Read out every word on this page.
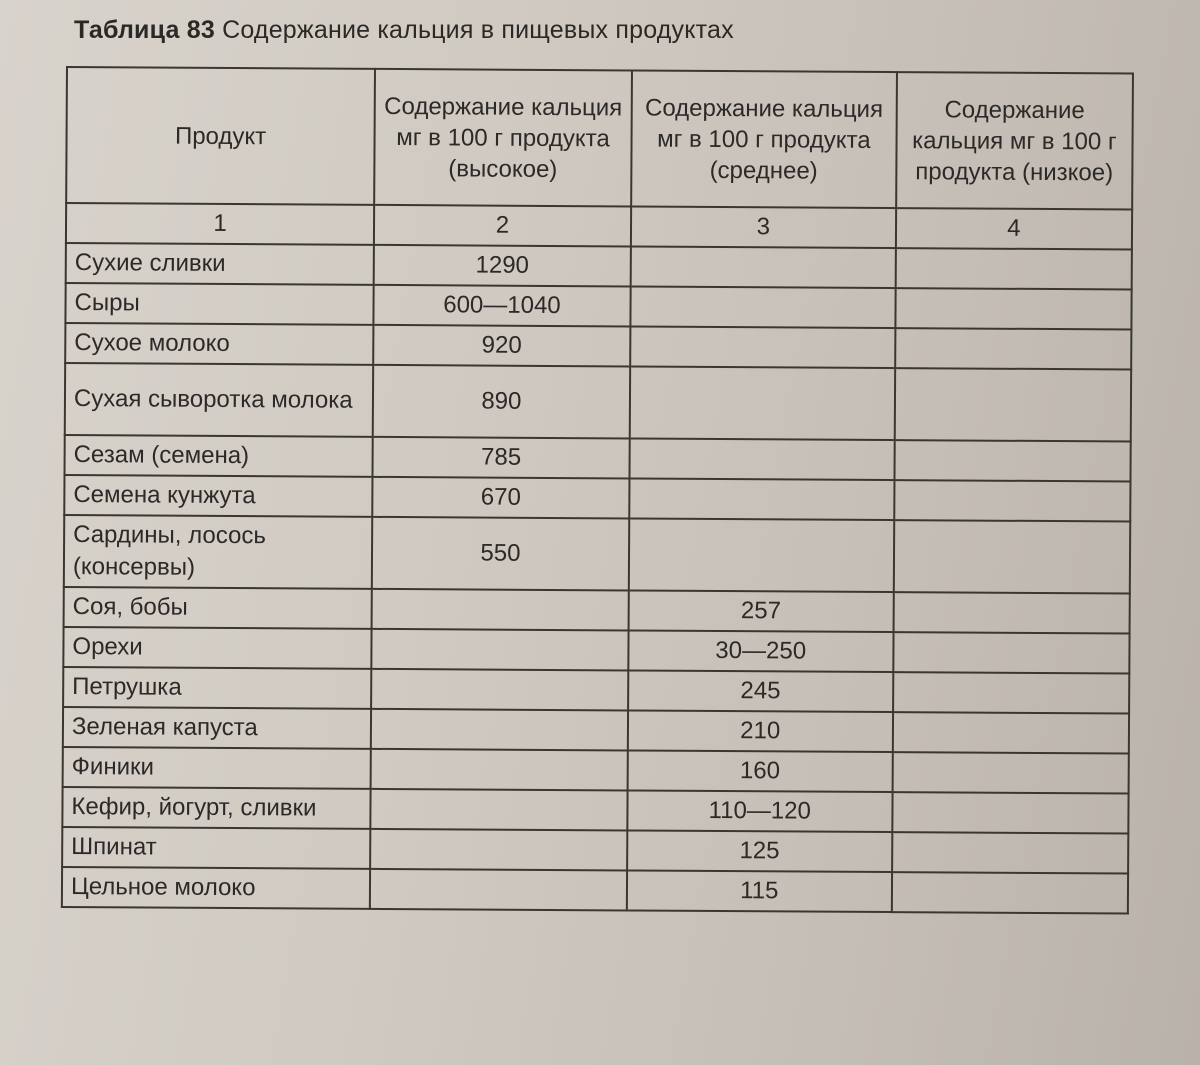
Таблица 83 Содержание кальция в пищевых продуктах
Продукт	Содержание кальция мг в 100 г продукта (высокое)	Содержание кальция мг в 100 г продукта (среднее)	Содержание кальция мг в 100 г продукта (низкое)
1	2	3	4
Сухие сливки	1290		
Сыры	600—1040		
Сухое молоко	920		
Сухая сыворотка молока	890		
Сезам (семена)	785		
Семена кунжута	670		
Сардины, лосось (консервы)	550		
Соя, бобы		257	
Орехи		30—250	
Петрушка		245	
Зеленая капуста		210	
Финики		160	
Кефир, йогурт, сливки		110—120	
Шпинат		125	
Цельное молоко		115	
